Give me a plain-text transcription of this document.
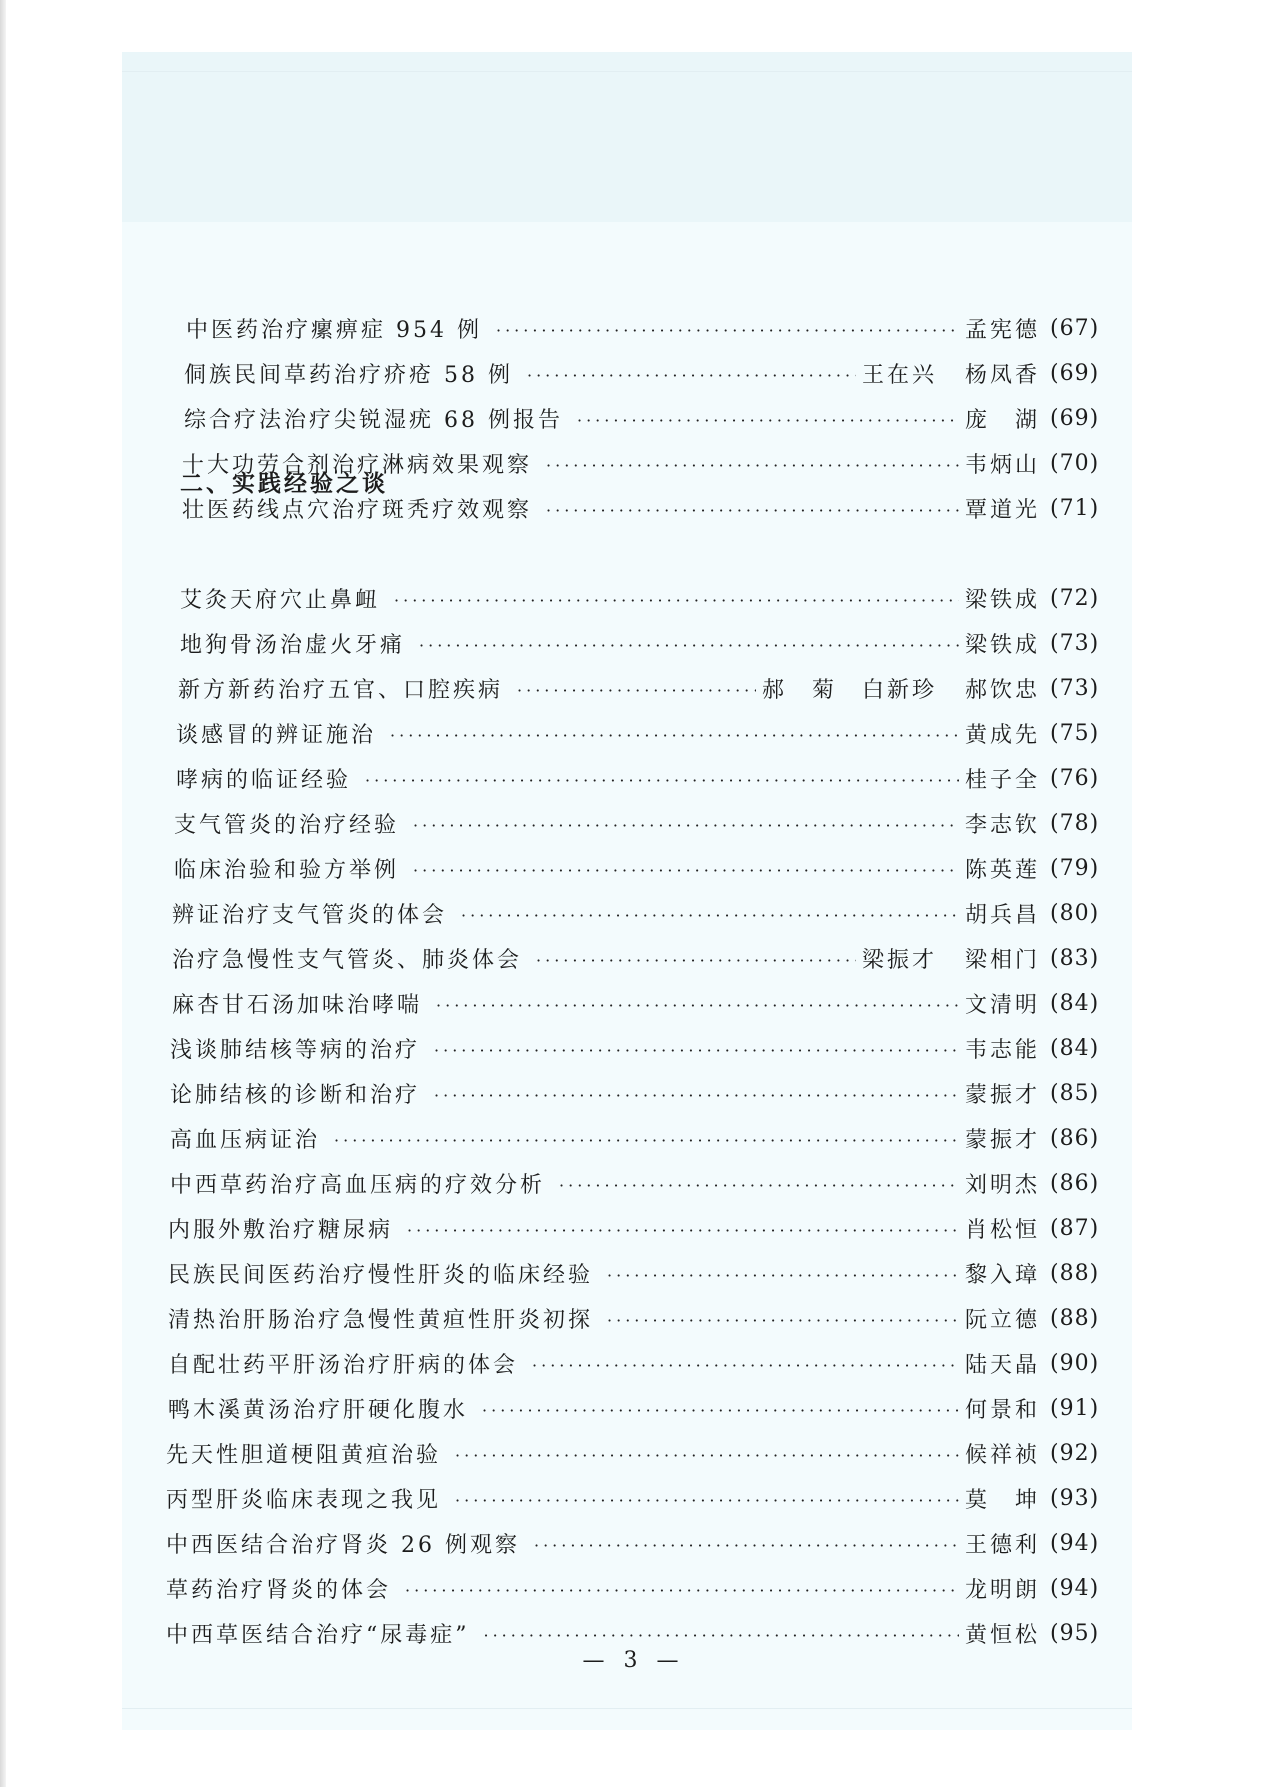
中医药治疗瘰痹症 954 例 ·····	孟宪德 (67)
侗族民间草药治疗疥疮 58 例 ·····	王在兴 杨凤香 (69)
综合疗法治疗尖锐湿疣 68 例报告 ·····	庞　湖 (69)
十大功劳合剂治疗淋病效果观察 ·····	韦炳山 (70)
壮医药线点穴治疗斑秃疗效观察 ·····	覃道光 (71)
二、实践经验之谈
艾灸天府穴止鼻衄 ·····	梁铁成 (72)
地狗骨汤治虚火牙痛 ·····	梁铁成 (73)
新方新药治疗五官、口腔疾病 ·····	郝　菊　白新珍 郝饮忠 (73)
谈感冒的辨证施治 ·····	黄成先 (75)
哮病的临证经验 ·····	桂子全 (76)
支气管炎的治疗经验 ·····	李志钦 (78)
临床治验和验方举例 ·····	陈英莲 (79)
辨证治疗支气管炎的体会 ·····	胡兵昌 (80)
治疗急慢性支气管炎、肺炎体会 ·····	梁振才 梁相门 (83)
麻杏甘石汤加味治哮喘 ·····	文清明 (84)
浅谈肺结核等病的治疗 ·····	韦志能 (84)
论肺结核的诊断和治疗 ·····	蒙振才 (85)
高血压病证治 ·····	蒙振才 (86)
中西草药治疗高血压病的疗效分析 ·····	刘明杰 (86)
内服外敷治疗糖尿病 ·····	肖松恒 (87)
民族民间医药治疗慢性肝炎的临床经验 ·····	黎入璋 (88)
清热治肝肠治疗急慢性黄疸性肝炎初探 ·····	阮立德 (88)
自配壮药平肝汤治疗肝病的体会 ·····	陆天晶 (90)
鸭木溪黄汤治疗肝硬化腹水 ·····	何景和 (91)
先天性胆道梗阻黄疸治验 ·····	候祥祯 (92)
丙型肝炎临床表现之我见 ·····	莫　坤 (93)
中西医结合治疗肾炎 26 例观察 ·····	王德利 (94)
草药治疗肾炎的体会 ·····	龙明朗 (94)
中西草医结合治疗“尿毒症” ·····	黄恒松 (95)
— 3 —
